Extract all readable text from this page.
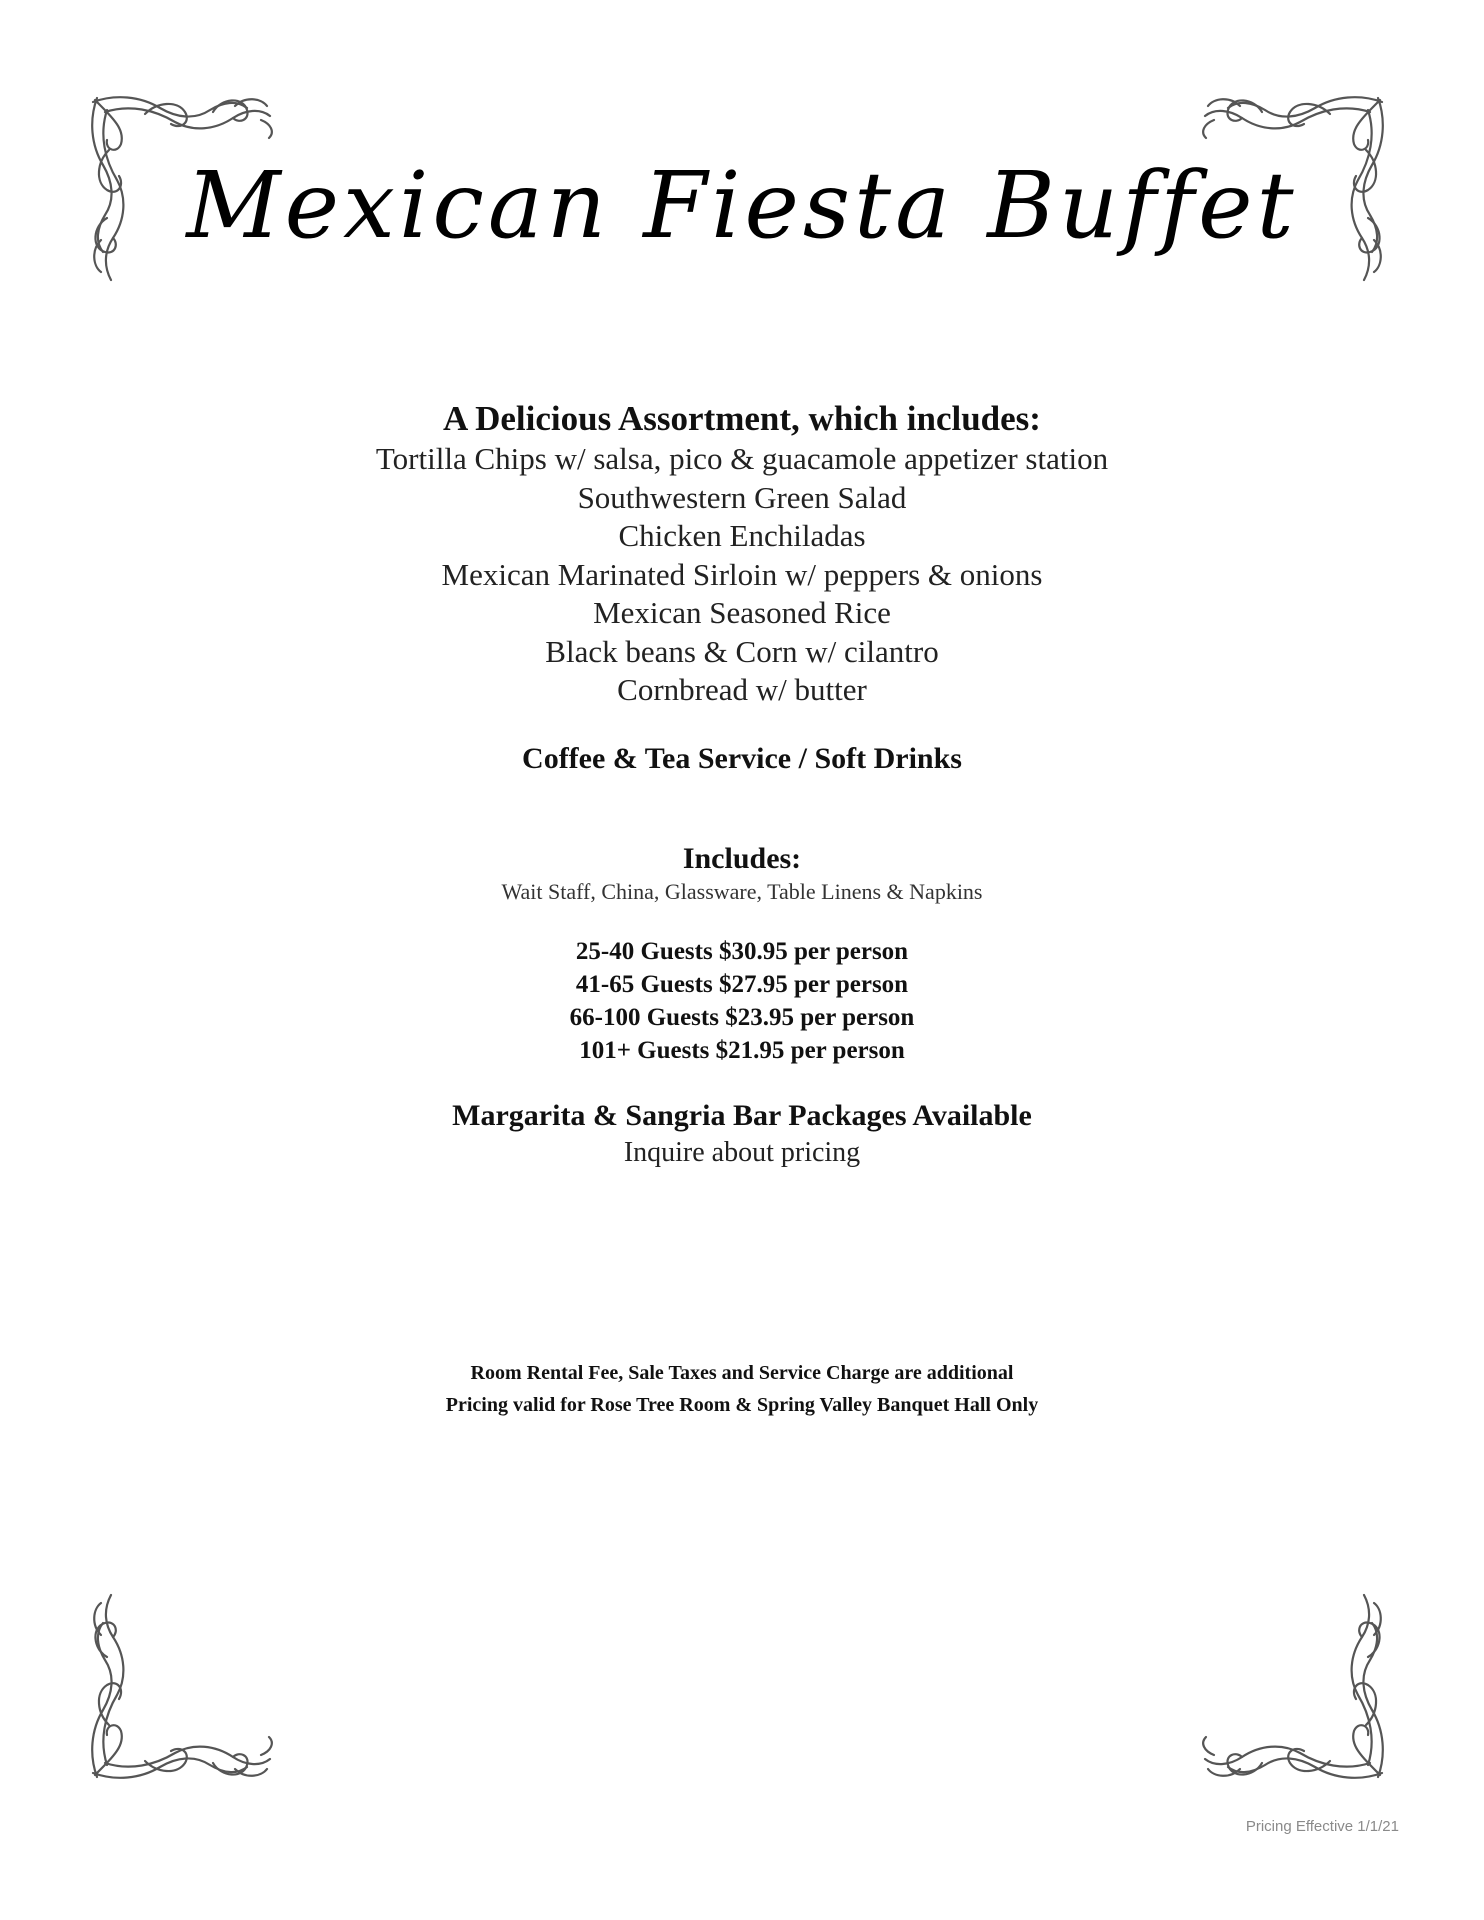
Mexican Fiesta Buffet
A Delicious Assortment, which includes:
Tortilla Chips w/ salsa, pico & guacamole appetizer station
Southwestern Green Salad
Chicken Enchiladas
Mexican Marinated Sirloin w/ peppers & onions
Mexican Seasoned Rice
Black beans & Corn w/ cilantro
Cornbread w/ butter
Coffee & Tea Service / Soft Drinks
Includes:
Wait Staff, China, Glassware, Table Linens & Napkins
25-40 Guests $30.95 per person
41-65 Guests $27.95 per person
66-100 Guests $23.95 per person
101+ Guests $21.95 per person
Margarita & Sangria Bar Packages Available
Inquire about pricing
Room Rental Fee, Sale Taxes and Service Charge are additional
Pricing valid for Rose Tree Room & Spring Valley Banquet Hall Only
Pricing Effective 1/1/21
